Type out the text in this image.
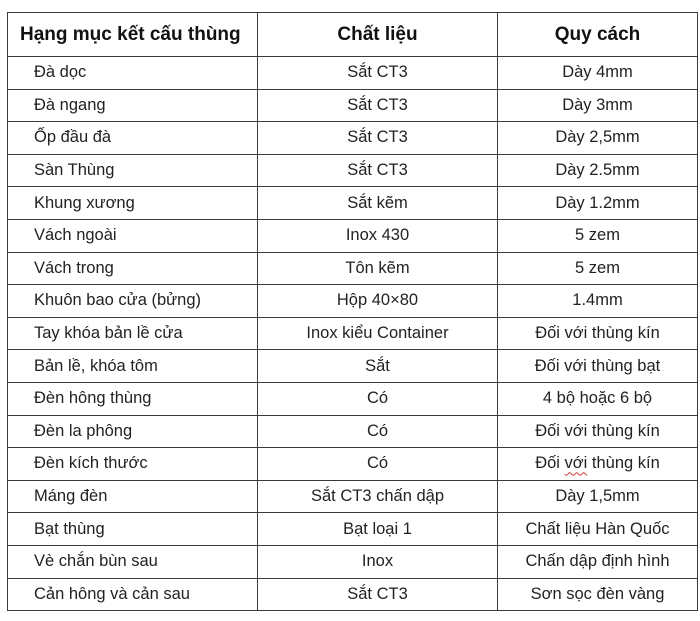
Hạng mục kết cấu thùng	Chất liệu	Quy cách
Đà dọc	Sắt CT3	Dày 4mm
Đà ngang	Sắt CT3	Dày 3mm
Ốp đầu đà	Sắt CT3	Dày 2,5mm
Sàn Thùng	Sắt CT3	Dày 2.5mm
Khung xương	Sắt kẽm	Dày 1.2mm
Vách ngoài	Inox 430	5 zem
Vách trong	Tôn kẽm	5 zem
Khuôn bao cửa (bửng)	Hộp 40×80	1.4mm
Tay khóa bản lề cửa	Inox kiểu Container	Đối với thùng kín
Bản lề, khóa tôm	Sắt	Đối với thùng bạt
Đèn hông thùng	Có	4 bộ hoặc 6 bộ
Đèn la phông	Có	Đối với thùng kín
Đèn kích thước	Có	Đối với thùng kín
Máng đèn	Sắt CT3 chấn dập	Dày 1,5mm
Bạt thùng	Bạt loại 1	Chất liệu Hàn Quốc
Vè chắn bùn sau	Inox	Chấn dập định hình
Cản hông và cản sau	Sắt CT3	Sơn sọc đèn vàng
